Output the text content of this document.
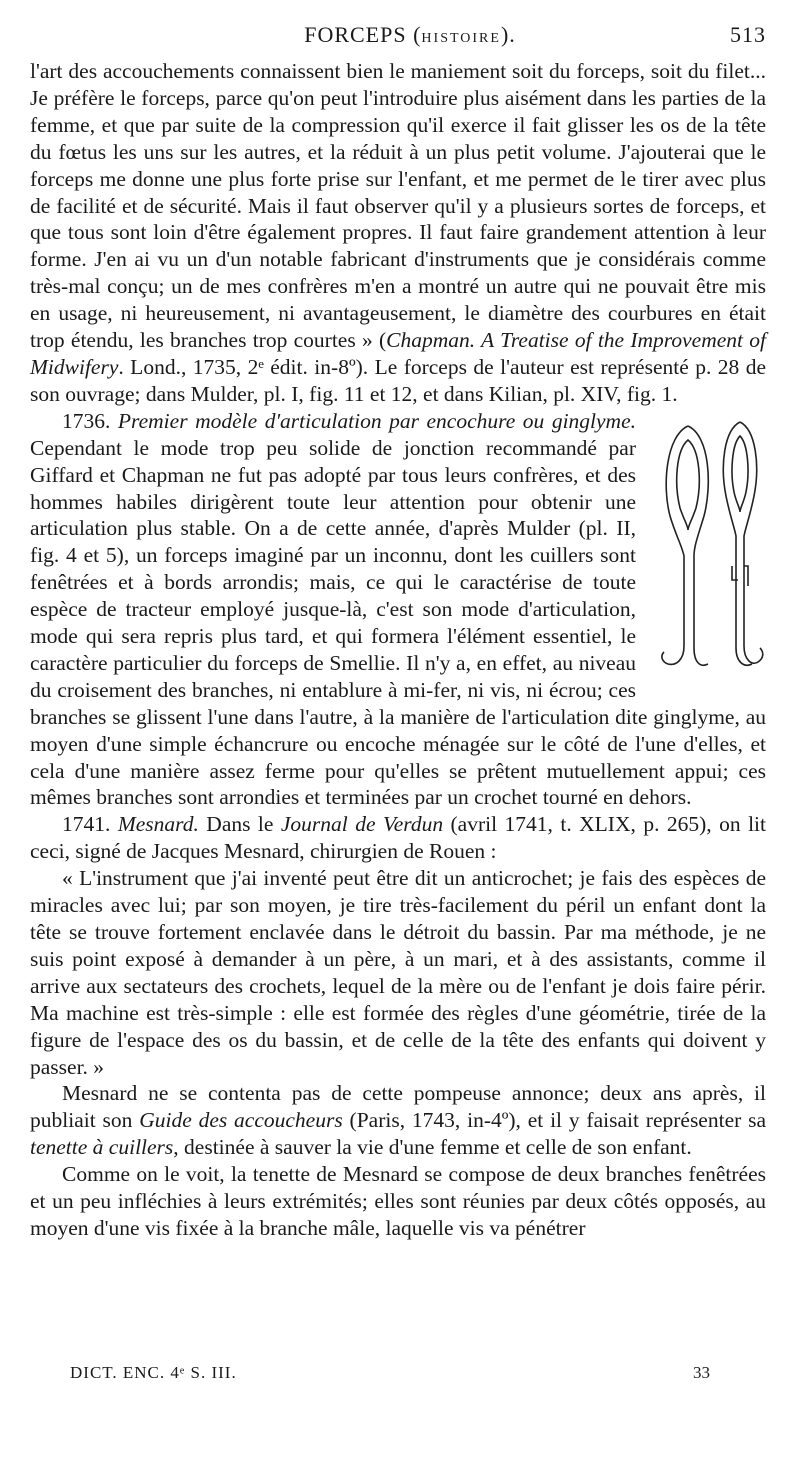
FORCEPS (HISTOIRE).	513

l'art des accouchements connaissent bien le maniement soit du forceps, soit du filet... Je préfère le forceps, parce qu'on peut l'introduire plus aisément dans les parties de la femme, et que par suite de la compression qu'il exerce il fait glisser les os de la tête du fœtus les uns sur les autres, et la réduit à un plus petit volume. J'ajouterai que le forceps me donne une plus forte prise sur l'enfant, et me permet de le tirer avec plus de facilité et de sécurité. Mais il faut observer qu'il y a plusieurs sortes de forceps, et que tous sont loin d'être également propres. Il faut faire grandement attention à leur forme. J'en ai vu un d'un notable fabricant d'instruments que je considérais comme très-mal conçu; un de mes confrères m'en a montré un autre qui ne pouvait être mis en usage, ni heureusement, ni avantageusement, le diamètre des courbures en était trop étendu, les branches trop courtes » (Chapman. A Treatise of the Improvement of Midwifery. Lond., 1735, 2ᵉ édit. in-8º). Le forceps de l'auteur est représenté p. 28 de son ouvrage; dans Mulder, pl. I, fig. 11 et 12, et dans Kilian, pl. XIV, fig. 1.

1736. Premier modèle d'articulation par encochure ou ginglyme.
Cependant le mode trop peu solide de jonction recommandé par Giffard et Chapman ne fut pas adopté par tous leurs confrères, et des hommes habiles dirigèrent toute leur attention pour obtenir une articulation plus stable. On a de cette année, d'après Mulder (pl. II, fig. 4 et 5), un forceps imaginé par un inconnu, dont les cuillers sont fenêtrées et à bords arrondis; mais, ce qui le caractérise de toute espèce de tracteur employé jusque-là, c'est son mode d'articulation, mode qui sera repris plus tard, et qui formera l'élément essentiel, le caractère particulier du forceps de Smellie. Il n'y a, en effet, au niveau du croisement des branches, ni entablure à mi-fer, ni vis, ni écrou; ces branches se glissent l'une dans l'autre, à la manière de l'articulation dite ginglyme, au moyen d'une simple échancrure ou encoche ménagée sur le côté de l'une d'elles, et cela d'une manière assez ferme pour qu'elles se prêtent mutuellement appui; ces mêmes branches sont arrondies et terminées par un crochet tourné en dehors.

1741. Mesnard. Dans le Journal de Verdun (avril 1741, t. XLIX, p. 265), on lit ceci, signé de Jacques Mesnard, chirurgien de Rouen :

« L'instrument que j'ai inventé peut être dit un anticrochet; je fais des espèces de miracles avec lui; par son moyen, je tire très-facilement du péril un enfant dont la tête se trouve fortement enclavée dans le détroit du bassin. Par ma méthode, je ne suis point exposé à demander à un père, à un mari, et à des assistants, comme il arrive aux sectateurs des crochets, lequel de la mère ou de l'enfant je dois faire périr. Ma machine est très-simple : elle est formée des règles d'une géométrie, tirée de la figure de l'espace des os du bassin, et de celle de la tête des enfants qui doivent y passer. »

Mesnard ne se contenta pas de cette pompeuse annonce; deux ans après, il publiait son Guide des accoucheurs (Paris, 1743, in-4º), et il y faisait représenter sa tenette à cuillers, destinée à sauver la vie d'une femme et celle de son enfant.

Comme on le voit, la tenette de Mesnard se compose de deux branches fenêtrées et un peu infléchies à leurs extrémités; elles sont réunies par deux côtés opposés, au moyen d'une vis fixée à la branche mâle, laquelle vis va pénétrer

DICT. ENC. 4ᵉ S. III.	33
